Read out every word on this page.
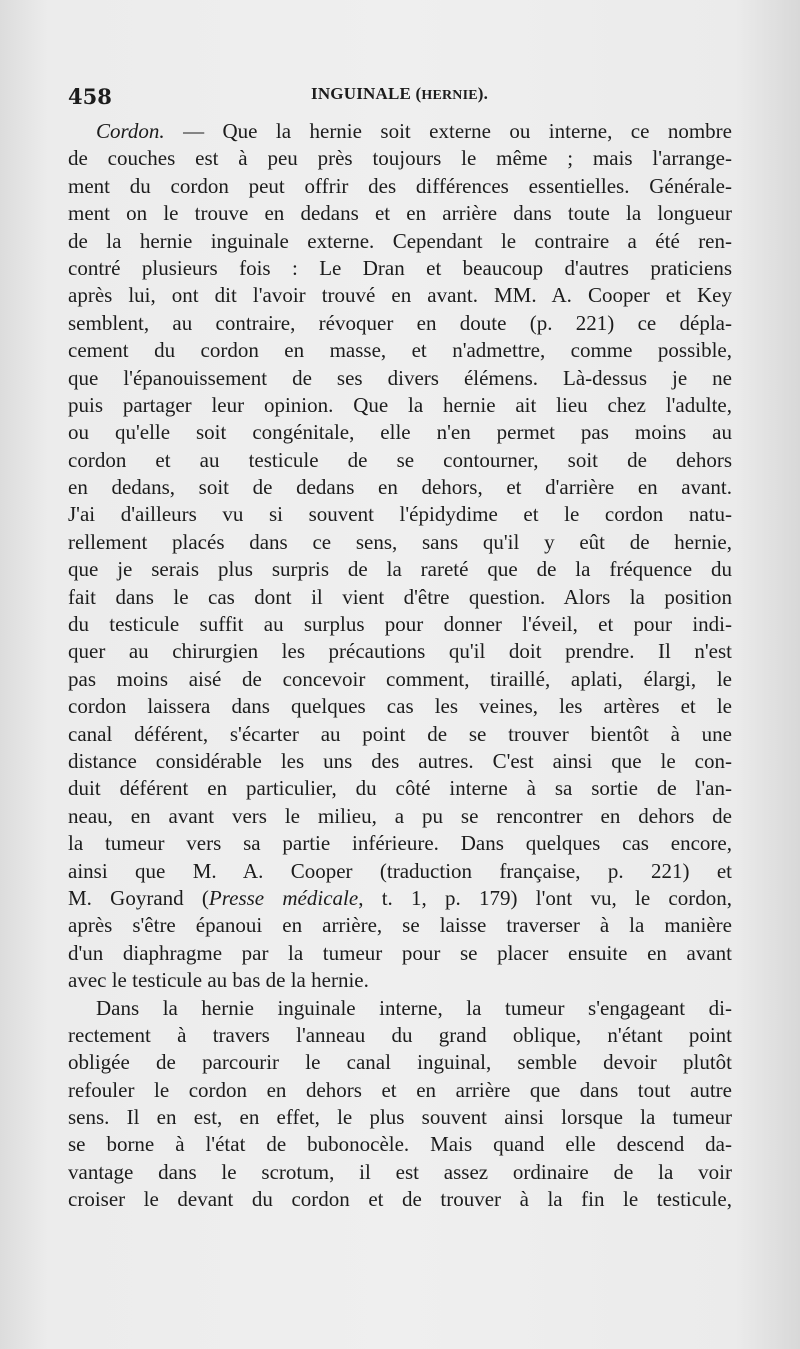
458	INGUINALE (HERNIE).
Cordon. — Que la hernie soit externe ou interne, ce nombre
de couches est à peu près toujours le même ; mais l'arrange-
ment du cordon peut offrir des différences essentielles. Générale-
ment on le trouve en dedans et en arrière dans toute la longueur
de la hernie inguinale externe. Cependant le contraire a été ren-
contré plusieurs fois : Le Dran et beaucoup d'autres praticiens
après lui, ont dit l'avoir trouvé en avant. MM. A. Cooper et Key
semblent, au contraire, révoquer en doute (p. 221) ce dépla-
cement du cordon en masse, et n'admettre, comme possible,
que l'épanouissement de ses divers élémens. Là-dessus je ne
puis partager leur opinion. Que la hernie ait lieu chez l'adulte,
ou qu'elle soit congénitale, elle n'en permet pas moins au
cordon et au testicule de se contourner, soit de dehors
en dedans, soit de dedans en dehors, et d'arrière en avant.
J'ai d'ailleurs vu si souvent l'épidydime et le cordon natu-
rellement placés dans ce sens, sans qu'il y eût de hernie,
que je serais plus surpris de la rareté que de la fréquence du
fait dans le cas dont il vient d'être question. Alors la position
du testicule suffit au surplus pour donner l'éveil, et pour indi-
quer au chirurgien les précautions qu'il doit prendre. Il n'est
pas moins aisé de concevoir comment, tiraillé, aplati, élargi, le
cordon laissera dans quelques cas les veines, les artères et le
canal déférent, s'écarter au point de se trouver bientôt à une
distance considérable les uns des autres. C'est ainsi que le con-
duit déférent en particulier, du côté interne à sa sortie de l'an-
neau, en avant vers le milieu, a pu se rencontrer en dehors de
la tumeur vers sa partie inférieure. Dans quelques cas encore,
ainsi que M. A. Cooper (traduction française, p. 221) et
M. Goyrand (Presse médicale, t. 1, p. 179) l'ont vu, le cordon,
après s'être épanoui en arrière, se laisse traverser à la manière
d'un diaphragme par la tumeur pour se placer ensuite en avant
avec le testicule au bas de la hernie.
Dans la hernie inguinale interne, la tumeur s'engageant di-
rectement à travers l'anneau du grand oblique, n'étant point
obligée de parcourir le canal inguinal, semble devoir plutôt
refouler le cordon en dehors et en arrière que dans tout autre
sens. Il en est, en effet, le plus souvent ainsi lorsque la tumeur
se borne à l'état de bubonocèle. Mais quand elle descend da-
vantage dans le scrotum, il est assez ordinaire de la voir
croiser le devant du cordon et de trouver à la fin le testicule,
